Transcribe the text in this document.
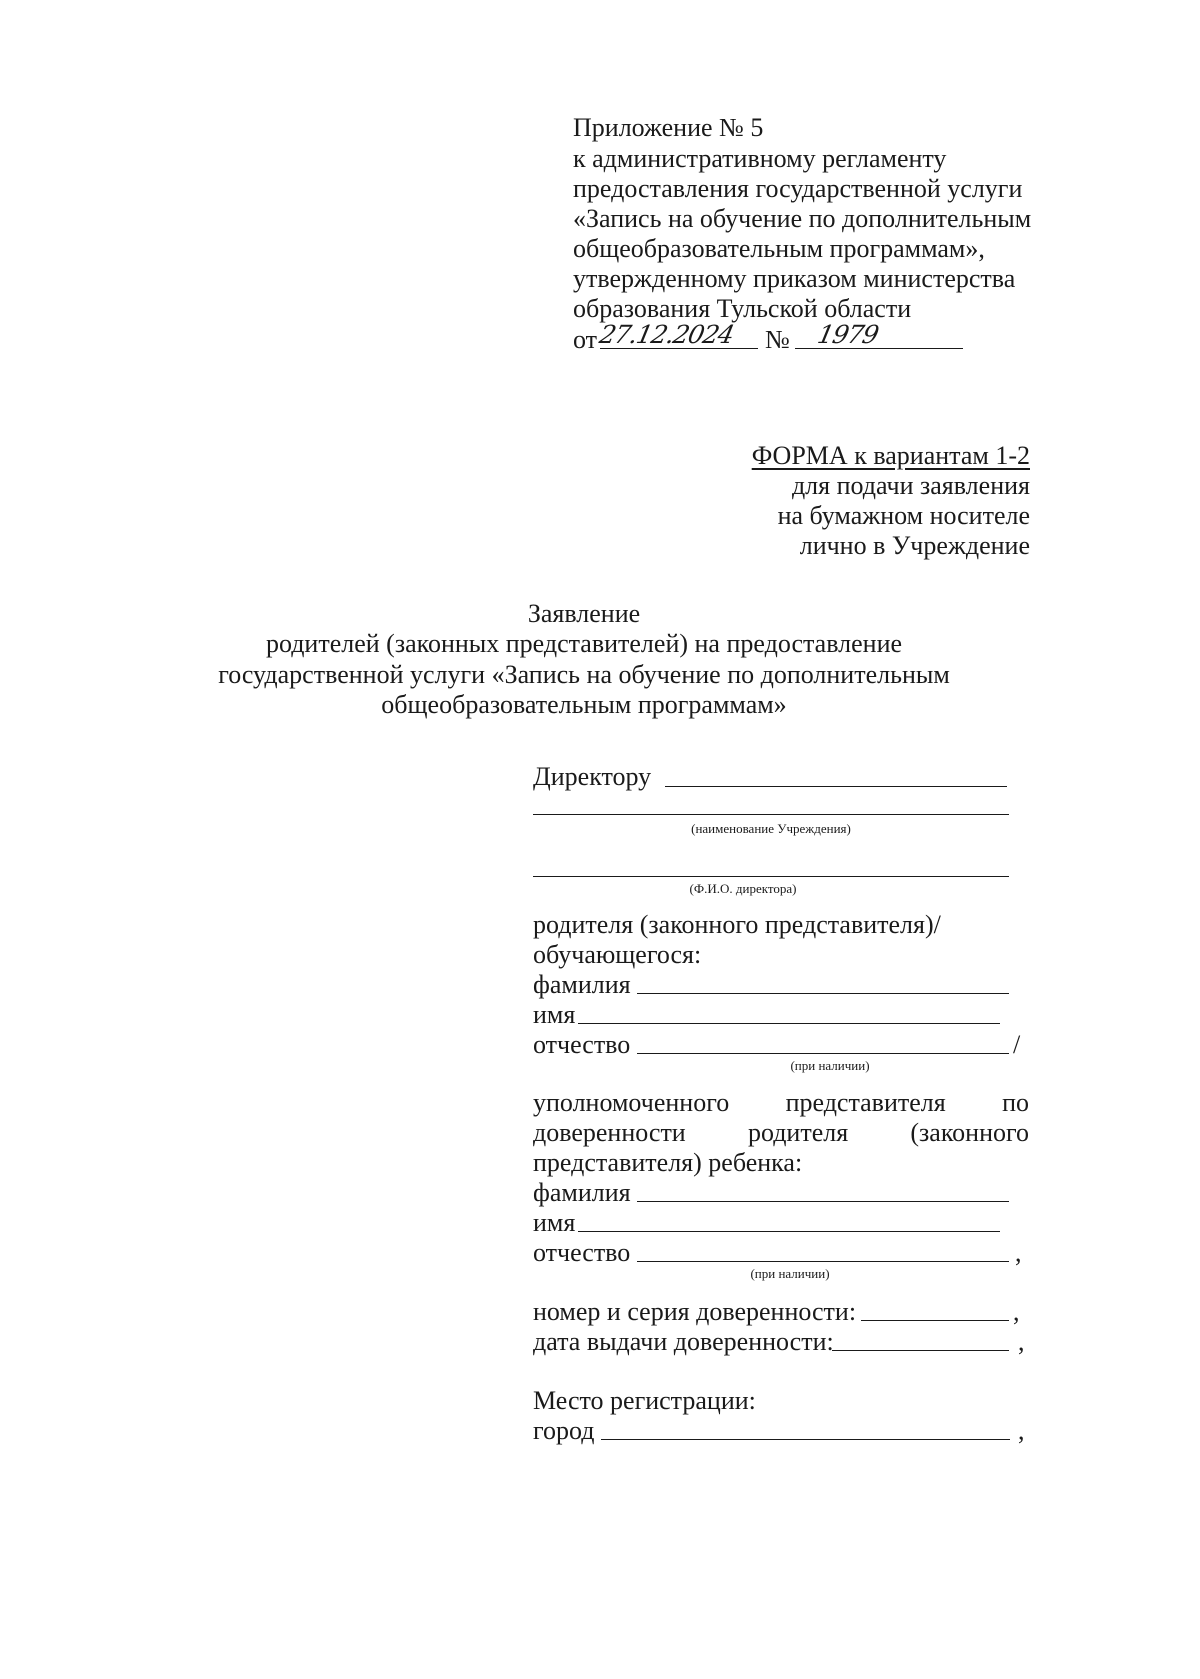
Приложение № 5
к административному регламенту
предоставления государственной услуги
«Запись на обучение по дополнительным
общеобразовательным программам»,
утвержденному приказом министерства
образования Тульской области
от 27.12.2024 № 1979
ФОРМА к вариантам 1-2
для подачи заявления
на бумажном носителе
лично в Учреждение
Заявление
родителей (законных представителей) на предоставление
государственной услуги «Запись на обучение по дополнительным
общеобразовательным программам»
Директору
(наименование Учреждения)
(Ф.И.О. директора)
родителя (законного представителя)/
обучающегося:
фамилия
имя
отчество	/
(при наличии)
уполномоченного представителя по
доверенности родителя (законного
представителя) ребенка:
фамилия
имя
отчество	,
(при наличии)
номер и серия доверенности:	,
дата выдачи доверенности:	,
Место регистрации:
город	,
